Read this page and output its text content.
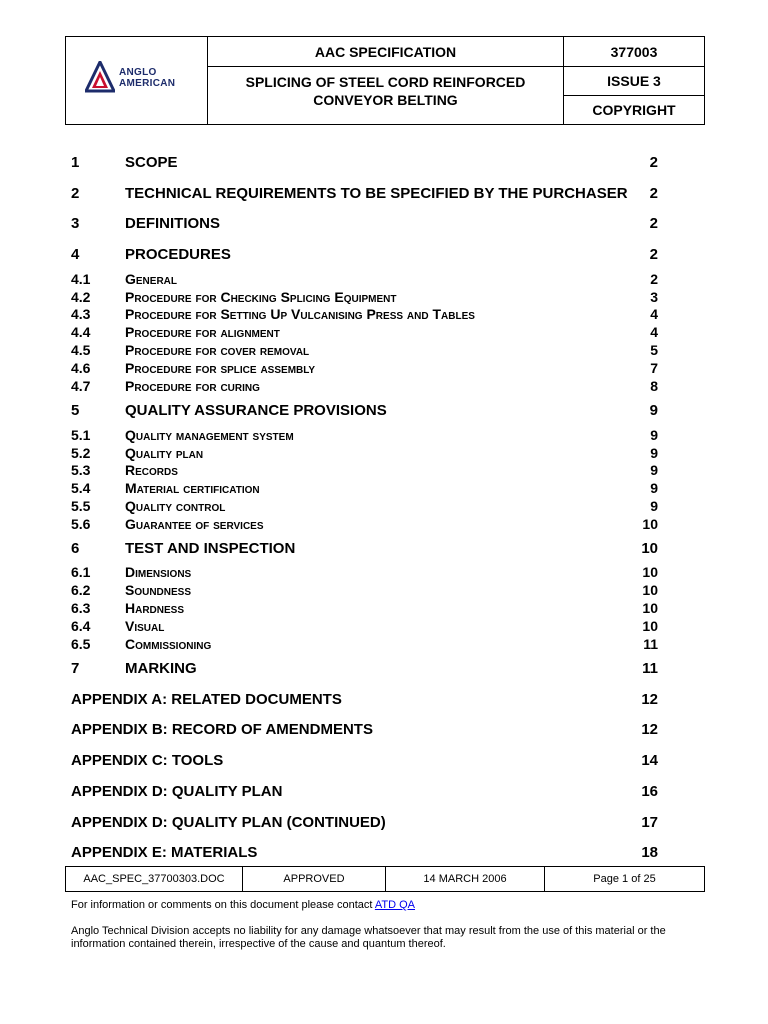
ANGLO
AMERICAN
AAC SPECIFICATION
SPLICING OF STEEL CORD REINFORCED
CONVEYOR BELTING
377003
ISSUE 3
COPYRIGHT
1	SCOPE	2
2	TECHNICAL REQUIREMENTS TO BE SPECIFIED BY THE PURCHASER 2
3	DEFINITIONS	2
4	PROCEDURES	2
4.1 General	2
4.2 Procedure for Checking Splicing Equipment	3
4.3 Procedure for Setting Up Vulcanising Press and Tables	4
4.4 Procedure for alignment	4
4.5 Procedure for cover removal	5
4.6 Procedure for splice assembly	7
4.7 Procedure for curing	8
5	QUALITY ASSURANCE PROVISIONS	9
5.1 Quality management system	9
5.2 Quality plan	9
5.3 Records	9
5.4 Material certification	9
5.5 Quality control	9
5.6 Guarantee of services	10
6	TEST AND INSPECTION	10
6.1 Dimensions	10
6.2 Soundness	10
6.3 Hardness	10
6.4 Visual	10
6.5 Commissioning	11
7	MARKING	11
APPENDIX A: RELATED DOCUMENTS	12
APPENDIX B: RECORD OF AMENDMENTS	12
APPENDIX C: TOOLS	14
APPENDIX D: QUALITY PLAN	16
APPENDIX D: QUALITY PLAN (CONTINUED)	17
APPENDIX E: MATERIALS	18
AAC_SPEC_37700303.DOC	APPROVED	14 MARCH 2006	Page 1 of 25
For information or comments on this document please contact ATD QA
Anglo Technical Division accepts no liability for any damage whatsoever that may result from the use of this material or the information contained therein, irrespective of the cause and quantum thereof.
